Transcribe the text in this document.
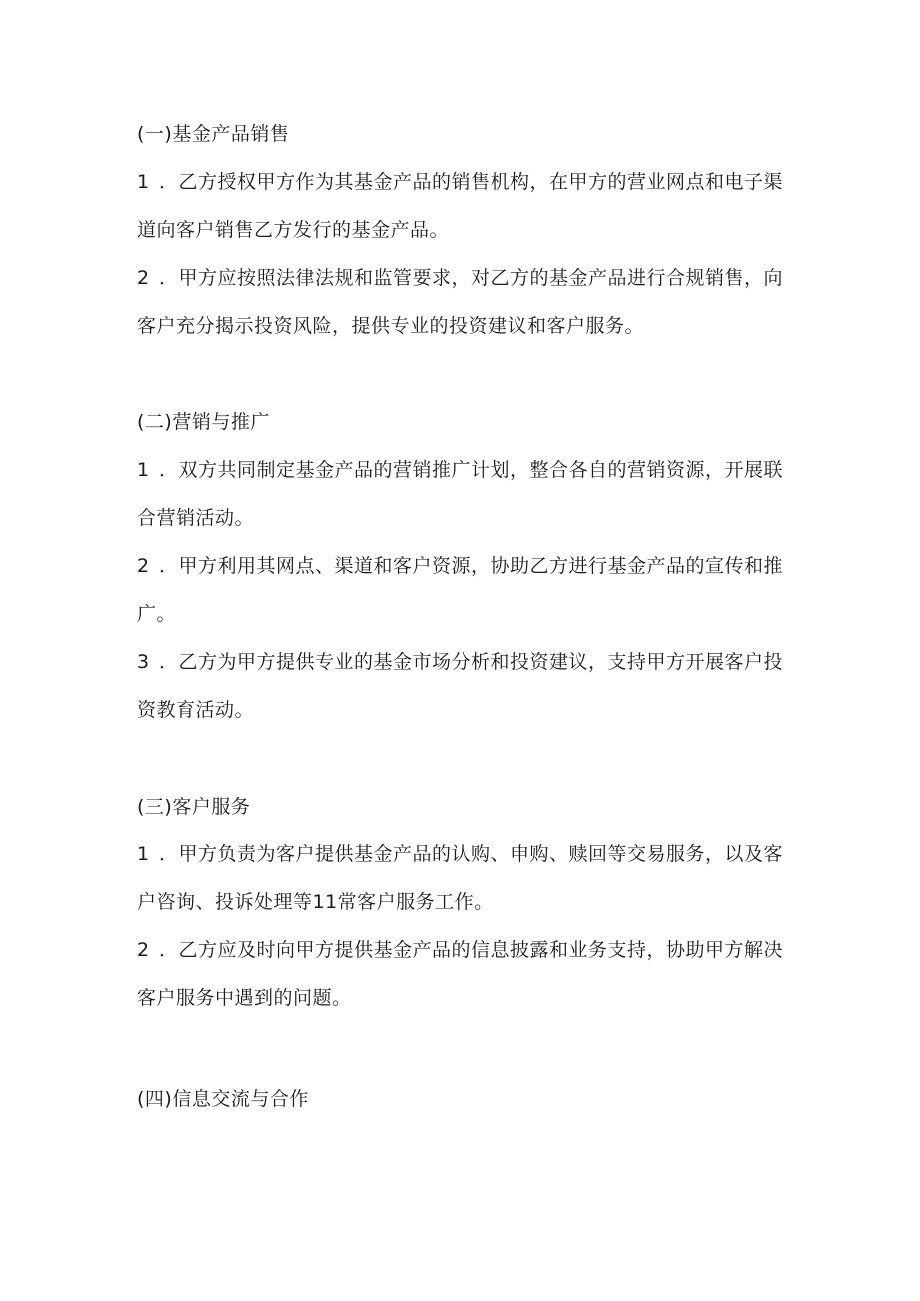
(一)基金产品销售
1 ．乙方授权甲方作为其基金产品的销售机构，在甲方的营业网点和电子渠道向客户销售乙方发行的基金产品。
2 ．甲方应按照法律法规和监管要求，对乙方的基金产品进行合规销售，向客户充分揭示投资风险，提供专业的投资建议和客户服务。
(二)营销与推广
1 ．双方共同制定基金产品的营销推广计划，整合各自的营销资源，开展联合营销活动。
2 ．甲方利用其网点、渠道和客户资源，协助乙方进行基金产品的宣传和推广。
3 ．乙方为甲方提供专业的基金市场分析和投资建议，支持甲方开展客户投资教育活动。
(三)客户服务
1 ．甲方负责为客户提供基金产品的认购、申购、赎回等交易服务，以及客户咨询、投诉处理等11常客户服务工作。
2 ．乙方应及时向甲方提供基金产品的信息披露和业务支持，协助甲方解决客户服务中遇到的问题。
(四)信息交流与合作
